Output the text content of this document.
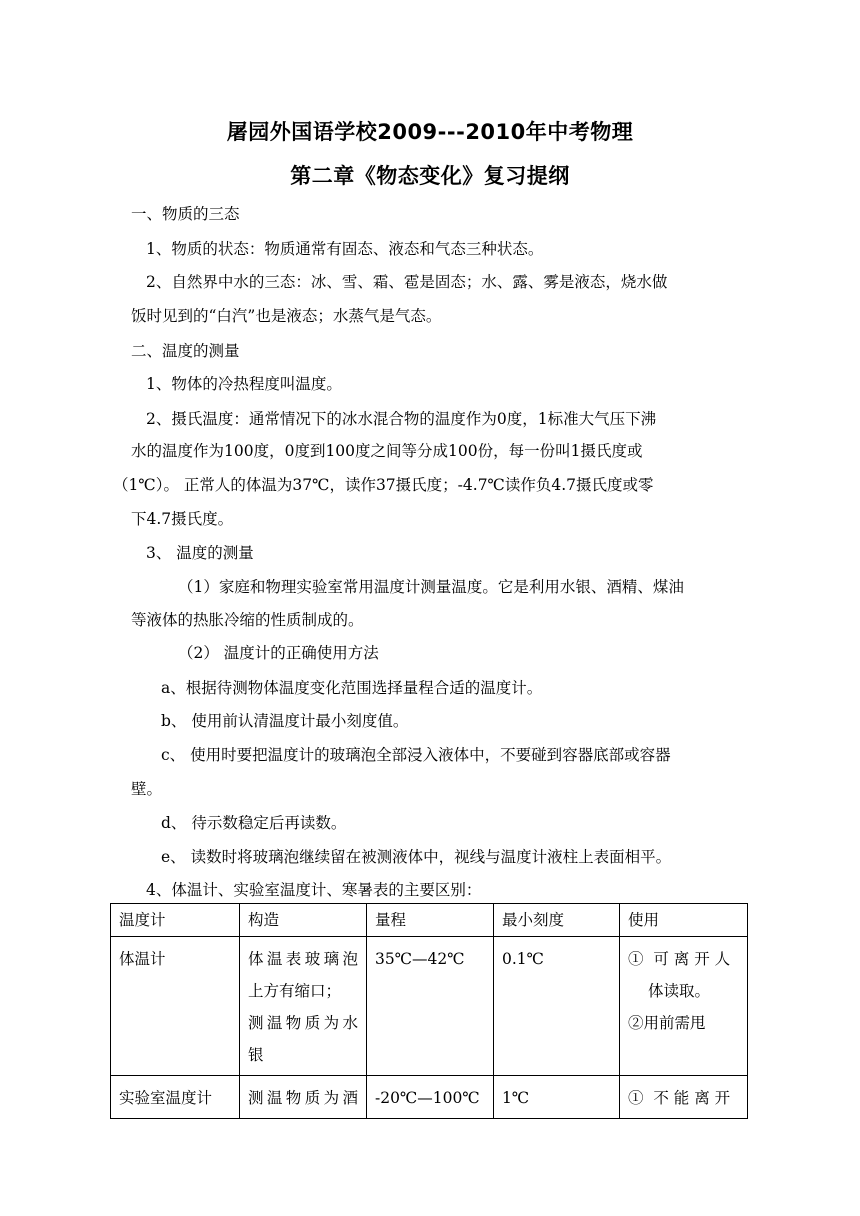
屠园外国语学校2009---2010年中考物理
第二章《物态变化》复习提纲
一、物质的三态
1、物质的状态：物质通常有固态、液态和气态三种状态。
2、自然界中水的三态：冰、雪、霜、雹是固态；水、露、雾是液态，烧水做
饭时见到的“白汽”也是液态；水蒸气是气态。
二、温度的测量
1、物体的冷热程度叫温度。
2、摄氏温度：通常情况下的冰水混合物的温度作为0度，1标准大气压下沸
水的温度作为100度，0度到100度之间等分成100份，每一份叫1摄氏度或
（1℃）。 正常人的体温为37℃，读作37摄氏度；-4.7℃读作负4.7摄氏度或零
下4.7摄氏度。
3、 温度的测量
（1）家庭和物理实验室常用温度计测量温度。它是利用水银、酒精、煤油
等液体的热胀冷缩的性质制成的。
（2） 温度计的正确使用方法
a、根据待测物体温度变化范围选择量程合适的温度计。
b、 使用前认清温度计最小刻度值。
c、 使用时要把温度计的玻璃泡全部浸入液体中，不要碰到容器底部或容器
壁。
d、 待示数稳定后再读数。
e、 读数时将玻璃泡继续留在被测液体中，视线与温度计液柱上表面相平。
4、体温计、实验室温度计、寒暑表的主要区别：
温度计	构造	量程	最小刻度	使用
体温计	体温表玻璃泡
上方有缩口；
测温物质为水
银	35℃—42℃	0.1℃	①  可 离 开 人
体读取。
②用前需甩

实验室温度计	测温物质为酒	-20℃—100℃	1℃	①  不 能 离 开
